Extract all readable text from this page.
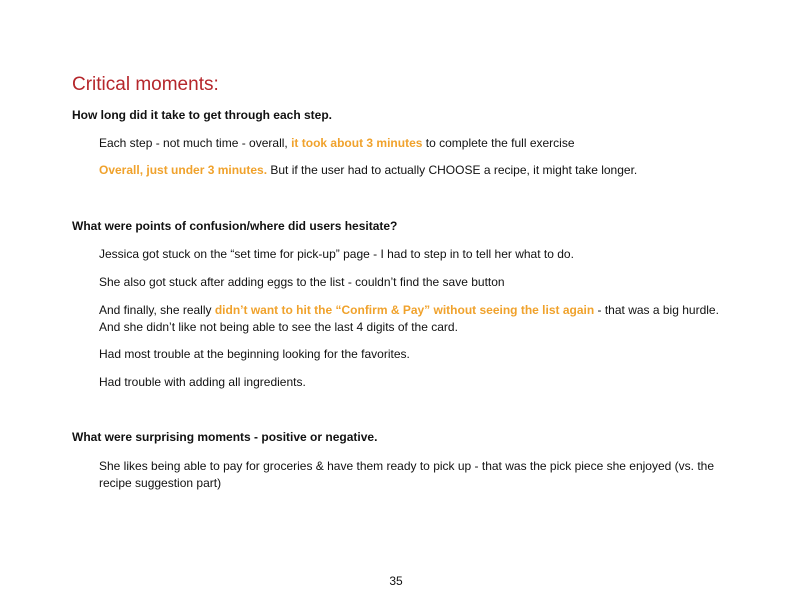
Critical moments:

How long did it take to get through each step.

Each step - not much time - overall, it took about 3 minutes to complete the full exercise

Overall, just under 3 minutes. But if the user had to actually CHOOSE a recipe, it might take longer.

What were points of confusion/where did users hesitate?

Jessica got stuck on the “set time for pick-up” page - I had to step in to tell her what to do.

She also got stuck after adding eggs to the list - couldn’t find the save button

And finally, she really didn’t want to hit the “Confirm & Pay” without seeing the list again - that was a big hurdle. And she didn’t like not being able to see the last 4 digits of the card.

Had most trouble at the beginning looking for the favorites.

Had trouble with adding all ingredients.

What were surprising moments - positive or negative.

She likes being able to pay for groceries & have them ready to pick up - that was the pick piece she enjoyed (vs. the recipe suggestion part)

35
